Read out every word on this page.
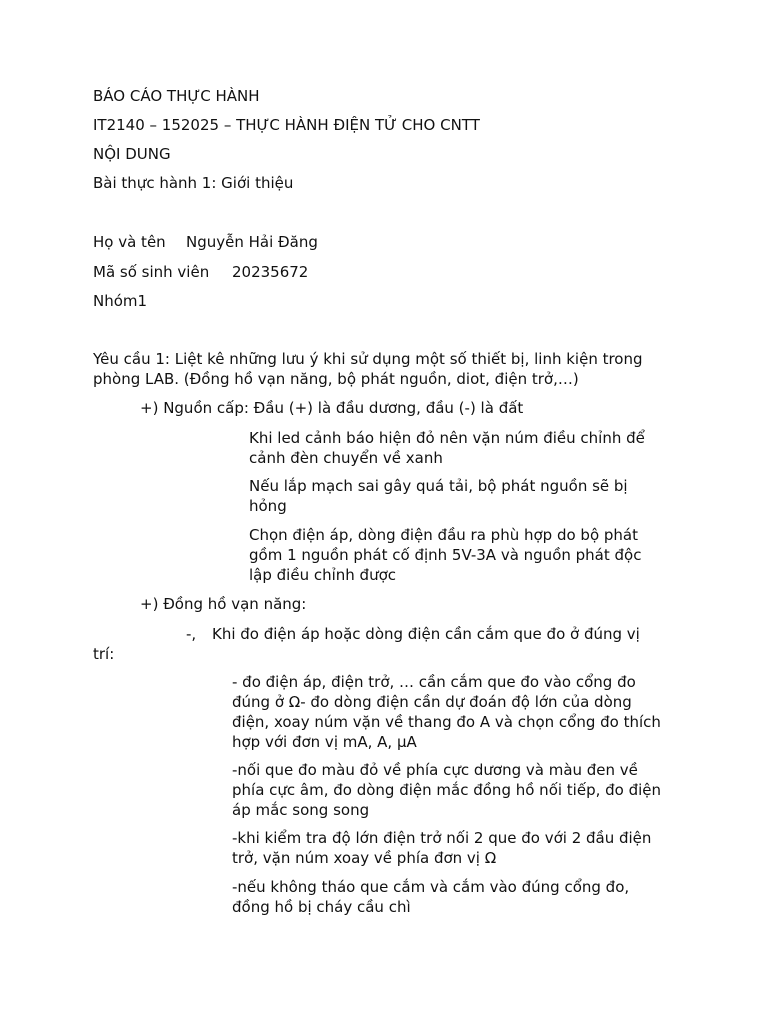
BÁO CÁO THỰC HÀNH

IT2140 – 152025 – THỰC HÀNH ĐIỆN TỬ CHO CNTT

NỘI DUNG

Bài thực hành 1: Giới thiệu

Họ và tên Nguyễn Hải Đăng

Mã số sinh viên 20235672

Nhóm1

Yêu cầu 1: Liệt kê những lưu ý khi sử dụng một số thiết bị, linh kiện trong

phòng LAB. (Đồng hồ vạn năng, bộ phát nguồn, diot, điện trở,…)

+) Nguồn cấp: Đầu (+) là đầu dương, đầu (-) là đất

Khi led cảnh báo hiện đỏ nên vặn núm điều chỉnh để

cảnh đèn chuyển về xanh

Nếu lắp mạch sai gây quá tải, bộ phát nguồn sẽ bị

hỏng

Chọn điện áp, dòng điện đầu ra phù hợp do bộ phát

gồm 1 nguồn phát cố định 5V-3A và nguồn phát độc

lập điều chỉnh được

+) Đồng hồ vạn năng:

-, Khi đo điện áp hoặc dòng điện cần cắm que đo ở đúng vị

trí:

- đo điện áp, điện trở, … cần cắm que đo vào cổng đo

đúng ở Ω- đo dòng điện cần dự đoán độ lớn của dòng

điện, xoay núm vặn về thang đo A và chọn cổng đo thích

hợp với đơn vị mA, A, μA

-nối que đo màu đỏ về phía cực dương và màu đen về

phía cực âm, đo dòng điện mắc đồng hồ nối tiếp, đo điện

áp mắc song song

-khi kiểm tra độ lớn điện trở nối 2 que đo với 2 đầu điện

trở, vặn núm xoay về phía đơn vị Ω

-nếu không tháo que cắm và cắm vào đúng cổng đo,

đồng hồ bị cháy cầu chì
